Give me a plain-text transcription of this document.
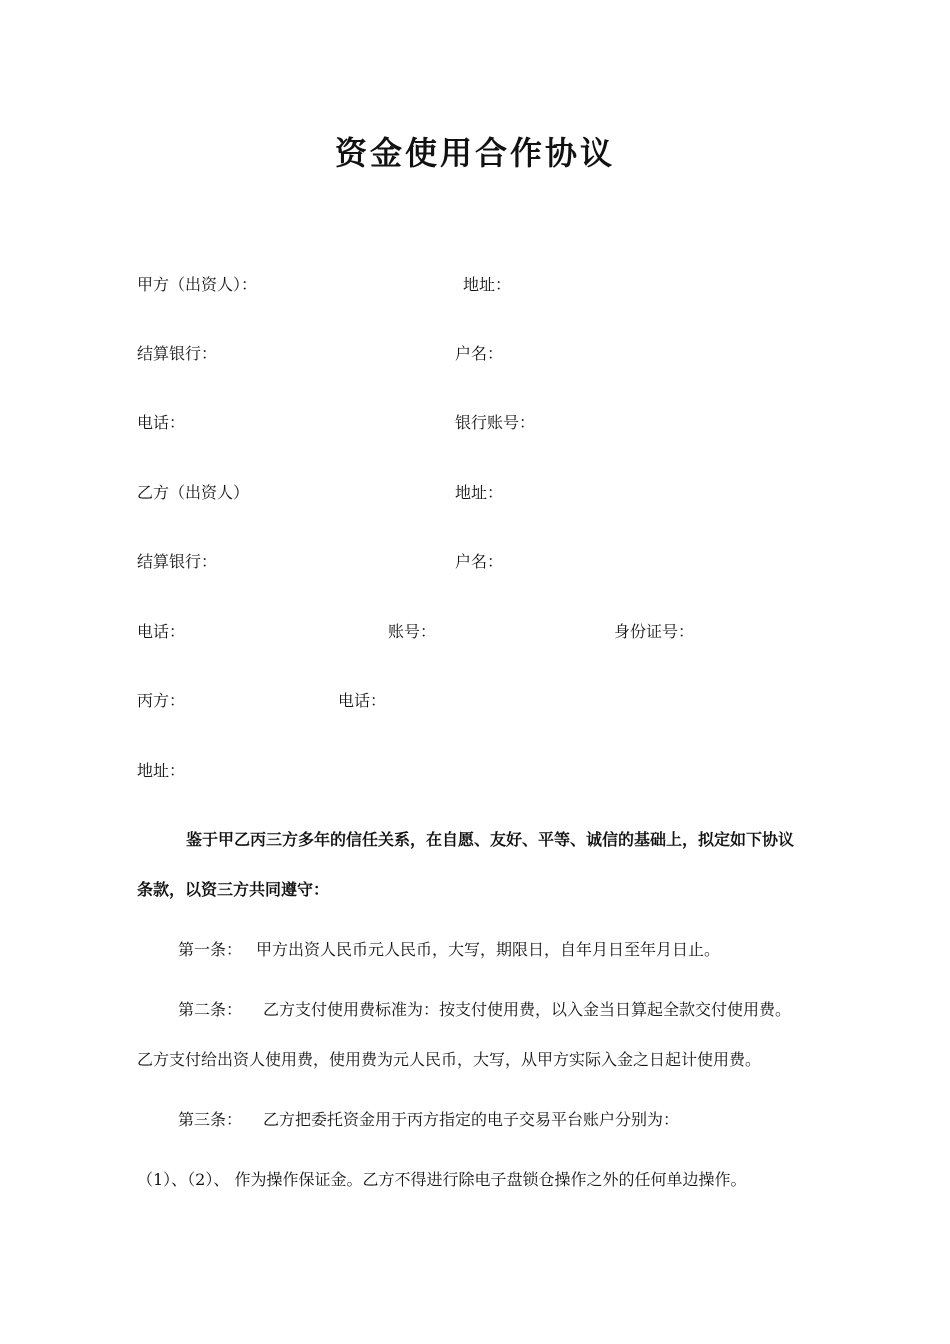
资金使用合作协议
甲方（出资人）：	地址：
结算银行：	户名：
电话：	银行账号：
乙方（出资人）	地址：
结算银行：	户名：
电话：	账号：	身份证号：
丙方：	电话：
地址：
鉴于甲乙丙三方多年的信任关系，在自愿、友好、平等、诚信的基础上，拟定如下协议
条款，以资三方共同遵守：
第一条： 甲方出资人民币元人民币，大写，期限日，自年月日至年月日止。
第二条： 乙方支付使用费标准为：按支付使用费，以入金当日算起全款交付使用费。
乙方支付给出资人使用费，使用费为元人民币，大写，从甲方实际入金之日起计使用费。
第三条： 乙方把委托资金用于丙方指定的电子交易平台账户分别为：
（1）、（2）、 作为操作保证金。乙方不得进行除电子盘锁仓操作之外的任何单边操作。
